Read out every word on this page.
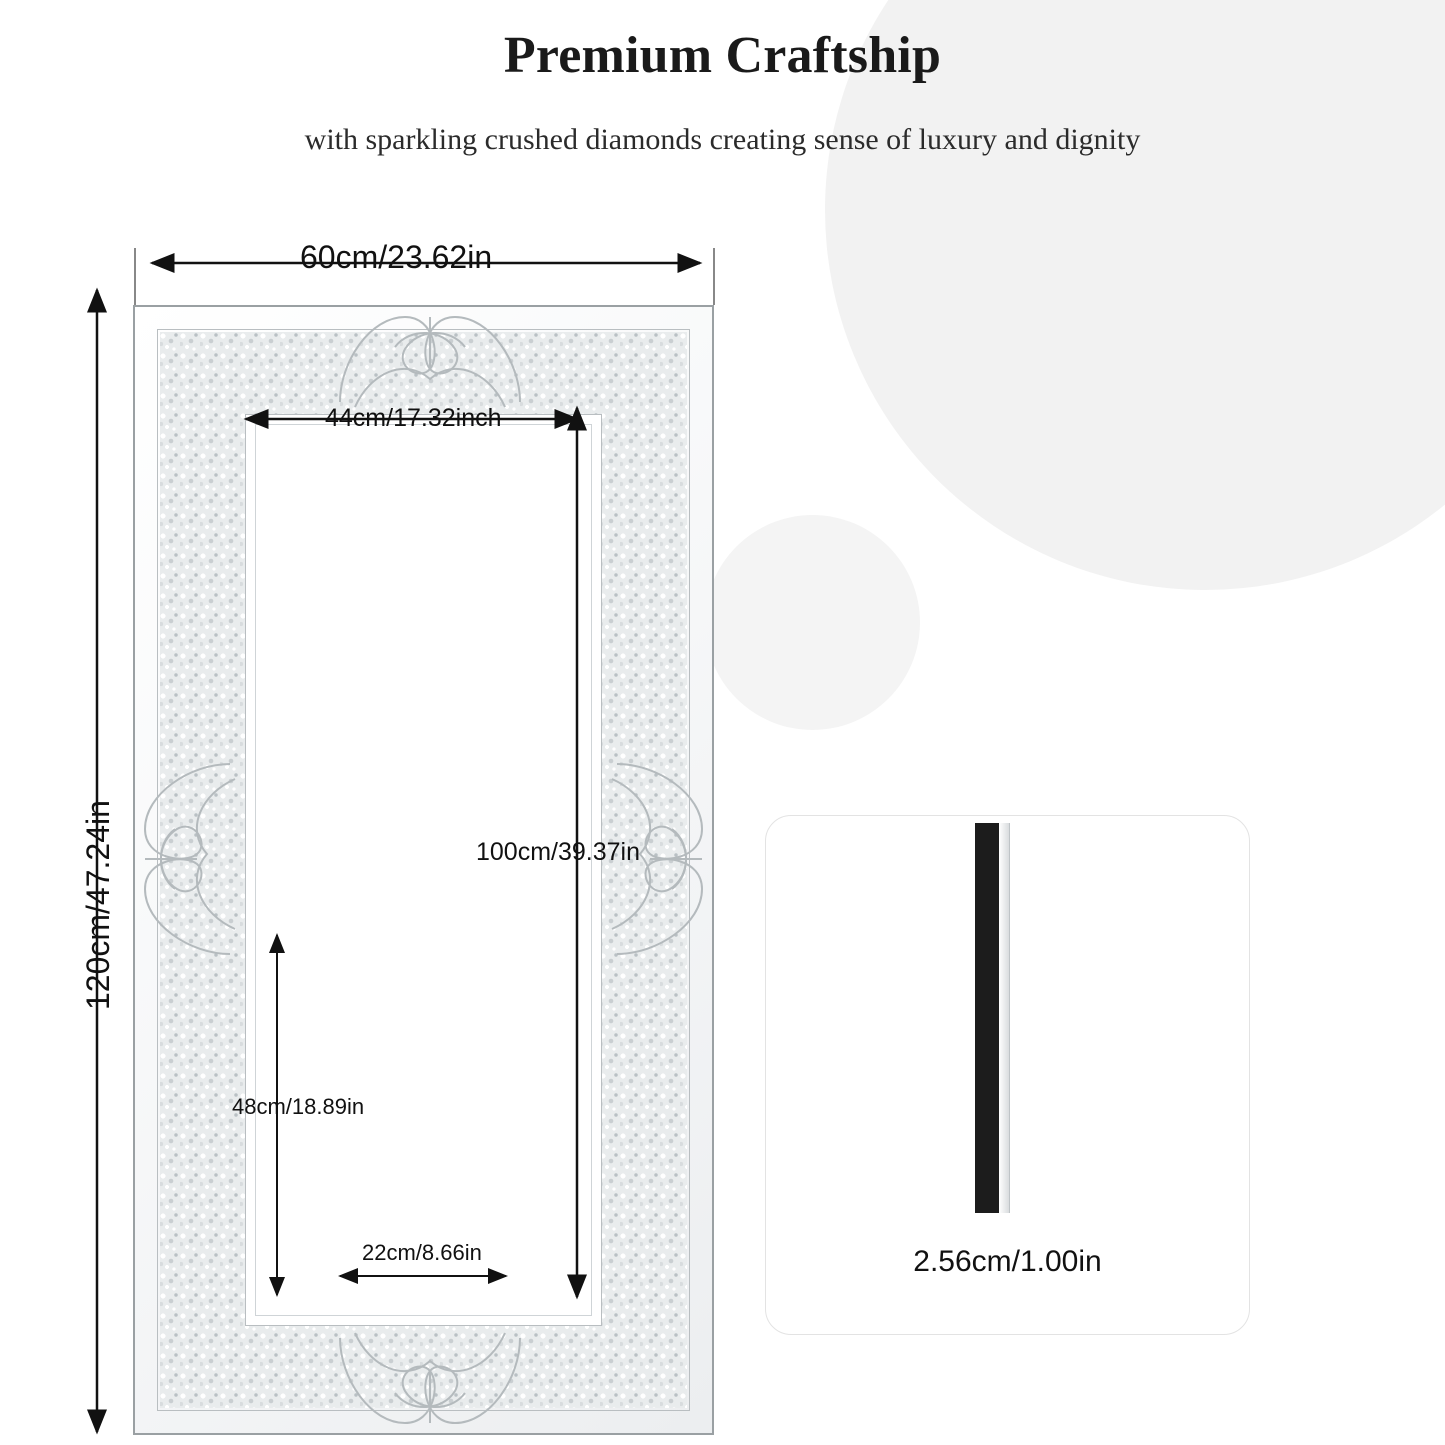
Premium Craftship
with sparkling crushed diamonds creating sense of luxury and dignity
60cm/23.62in
120cm/47.24in
44cm/17.32inch
100cm/39.37in
48cm/18.89in
22cm/8.66in	2.56cm/1.00in
